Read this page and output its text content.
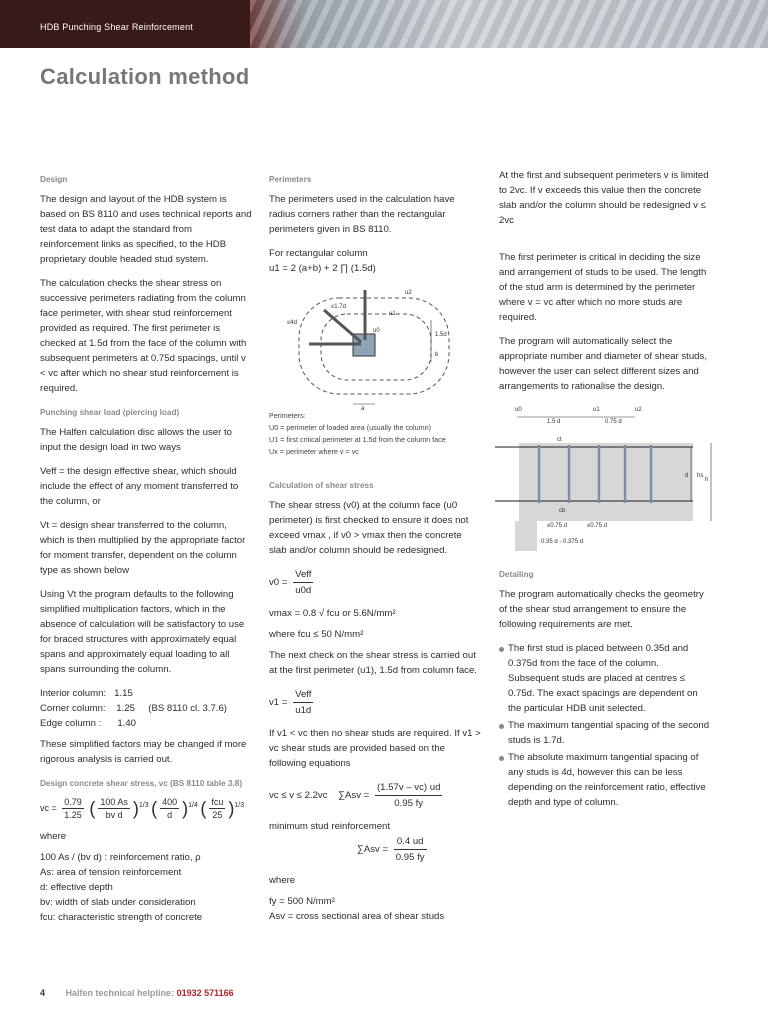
HDB Punching Shear Reinforcement
Calculation method
Design

The design and layout of the HDB system is based on BS 8110 and uses technical reports and test data to adapt the standard from reinforcement links as specified, to the HDB proprietary double headed stud system.

The calculation checks the shear stress on successive perimeters radiating from the column face perimeter, with shear stud reinforcement provided as required. The first perimeter is checked at 1.5d from the face of the column with subsequent perimeters at 0.75d spacings, until v < vc after which no shear stud reinforcement is required.

Punching shear load (piercing load)

The Halfen calculation disc allows the user to input the design load in two ways

Veff = the design effective shear, which should include the effect of any moment transferred to the column, or

Vt = design shear transferred to the column, which is then multiplied by the appropriate factor for moment transfer, dependent on the column type as shown below

Using Vt the program defaults to the following simplified multiplication factors, which in the absence of calculation will be satisfactory to use for braced structures with approximately equal spans and approximately equal loading to all spans surrounding the column.

Interior column:   1.15
Corner column:    1.25     (BS 8110 cl. 3.7.6)
Edge column :      1.40

These simplified factors may be changed if more rigorous analysis is carried out.

Design concrete shear stress, vc (BS 8110 table 3.8)
vc = $\frac{0.79}{1.25}$ ( $\frac{100 As}{\text{bv d}} )^{1/3}$ ( $\frac{400}{d} )^{1/4}$ ( $\frac{\text{fcu}}{25} )^{1/3}$
where
100 As / (bv d) : reinforcement ratio, ρ
As: area of tension reinforcement
d: effective depth
bv: width of slab under consideration
fcu: characteristic strength of concrete
Perimeters

The perimeters used in the calculation have radius corners rather than the rectangular perimeters given in BS 8110.

For rectangular column
u1 = 2 (a+b) + 2 ∏ (1.5d)
u2
u1
u0
1.5d
≤1.7d
≤4d
b
a

Perimeters:

U0 = perimeter of loaded area (usually the column)

U1 = first critical perimeter at 1.5d from the column face

Ux = perimeter where v = vc

Calculation of shear stress

The shear stress (v0) at the column face (u0 perimeter) is first checked to ensure it does not exceed vmax , if v0 > vmax then the concrete slab and/or column should be redesigned.

$v0 = \frac{\text{Veff}}{u0d}$
vmax = 0.8 √ fcu or 5.6N/mm²
where fcu ≤ 50 N/mm²

The next check on the shear stress is carried out at the first perimeter (u1), 1.5d from column face.

$v1 = \frac{\text{Veff}}{u1d}$

If v1 < vc then no shear studs are required. If v1 > vc shear studs are provided based on the following equations

vc ≤ v ≤ 2.2vc $\sum Asv = \frac{(1.57v - vc) ud}{0.95 fy}$
minimum stud reinforcement
$\sum Asv = \frac{0.4 ud}{0.95 fy}$
where
fy = 500 N/mm²
Asv = cross sectional area of shear studs

At the first and subsequent perimeters v is limited to 2vc. If v exceeds this value then the concrete slab and/or the column should be redesigned v ≤ 2vc

The first perimeter is critical in deciding the size and arrangement of studs to be used. The length of the stud arm is determined by the perimeter where v = vc after which no more studs are required.

The program will automatically select the appropriate number and diameter of shear studs, however the user can select different sizes and arrangements to rationalise the design.

u0	u1	u2
1.5 d	0.75 d
ct
cb
≤0.75 d	≤0.75 d
0.35 d - 0.375 d
d hs
h
Detailing

The program automatically checks the geometry of the shear stud arrangement to ensure the following requirements are met.

The first stud is placed between 0.35d and 0.375d from the face of the column. Subsequent studs are placed at centres ≤ 0.75d. The exact spacings are dependent on the particular HDB unit selected.
The maximum tangential spacing of the second studs is 1.7d.
The absolute maximum tangential spacing of any studs is 4d, however this can be less depending on the reinforcement ratio, effective depth and type of column.
4 Halfen technical helpline: 01932 571166
